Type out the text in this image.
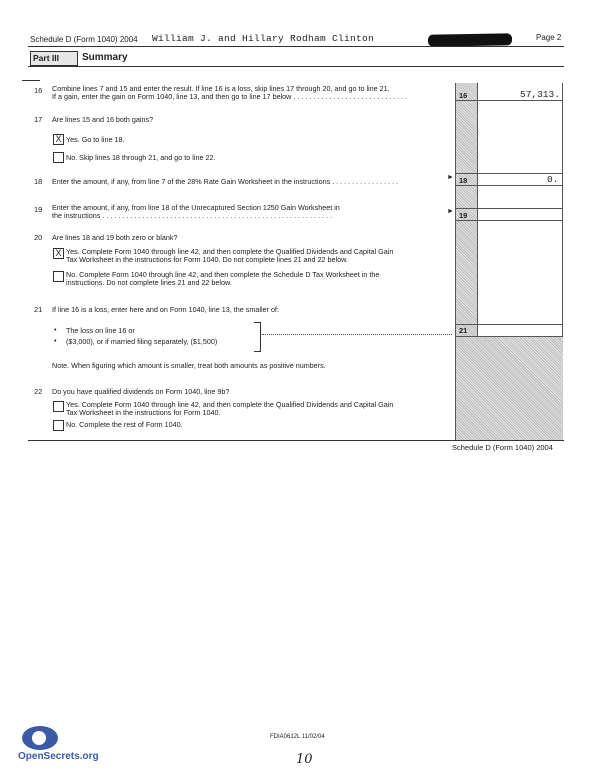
Schedule D (Form 1040) 2004 William J. and Hillary Rodham Clinton	Page 2
Part III	Summary
16 Combine lines 7 and 15 and enter the result. If line 16 is a loss, skip lines 17 through 20, and go to line 21.
If a gain, enter the gain on Form 1040, line 13, and then go to line 17 below . . . . . . . . . . . . . . . . . . . . . . . . . . . . .	16	57,313.
17 Are lines 15 and 16 both gains?
X Yes. Go to line 18.
No. Skip lines 18 through 21, and go to line 22.
18 Enter the amount, if any, from line 7 of the 28% Rate Gain Worksheet in the instructions . . . . . . . . . . . . . . . . .	► 18	0.
19 Enter the amount, if any, from line 18 of the Unrecaptured Section 1250 Gain Worksheet in
the instructions . . . . . . . . . . . . . . . . . . . . . . . . . . . . . . . . . . . . . . . . . . . . . . . . . . . . . . . . . .	► 19
20 Are lines 18 and 19 both zero or blank?
X Yes. Complete Form 1040 through line 42, and then complete the Qualified Dividends and Capital Gain
Tax Worksheet in the instructions for Form 1040. Do not complete lines 21 and 22 below.
No. Complete Form 1040 through line 42, and then complete the Schedule D Tax Worksheet in the
instructions. Do not complete lines 21 and 22 below.
21 If line 16 is a loss, enter here and on Form 1040, line 13, the smaller of:
• The loss on line 16 or
• ($3,000), or if married filing separately, ($1,500)
21
Note. When figuring which amount is smaller, treat both amounts as positive numbers.
22 Do you have qualified dividends on Form 1040, line 9b?
Yes. Complete Form 1040 through line 42, and then complete the Qualified Dividends and Capital Gain
Tax Worksheet in the instructions for Form 1040.
No. Complete the rest of Form 1040.
Schedule D (Form 1040) 2004
FDIA0612L 11/02/04
10
OpenSecrets.org
